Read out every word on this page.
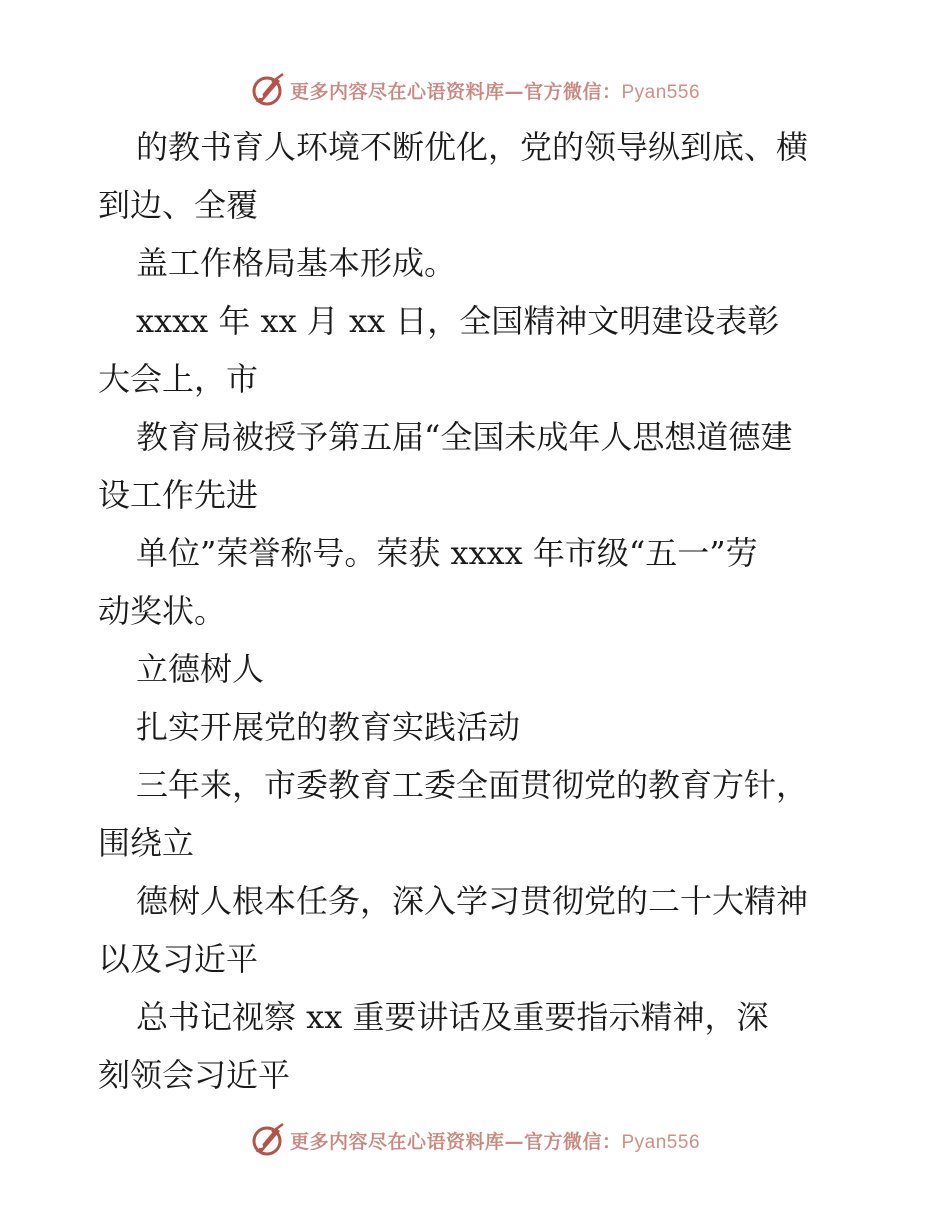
更多内容尽在心语资料库—官方微信：Pyan556
的教书育人环境不断优化，党的领导纵到底、横
到边、全覆
盖工作格局基本形成。
xxxx 年 xx 月 xx 日，全国精神文明建设表彰
大会上，市
教育局被授予第五届“全国未成年人思想道德建
设工作先进
单位”荣誉称号。荣获 xxxx 年市级“五一”劳
动奖状。
立德树人
扎实开展党的教育实践活动
三年来，市委教育工委全面贯彻党的教育方针，
围绕立
德树人根本任务，深入学习贯彻党的二十大精神
以及习近平
总书记视察 xx 重要讲话及重要指示精神，深
刻领会习近平
更多内容尽在心语资料库—官方微信：Pyan556
